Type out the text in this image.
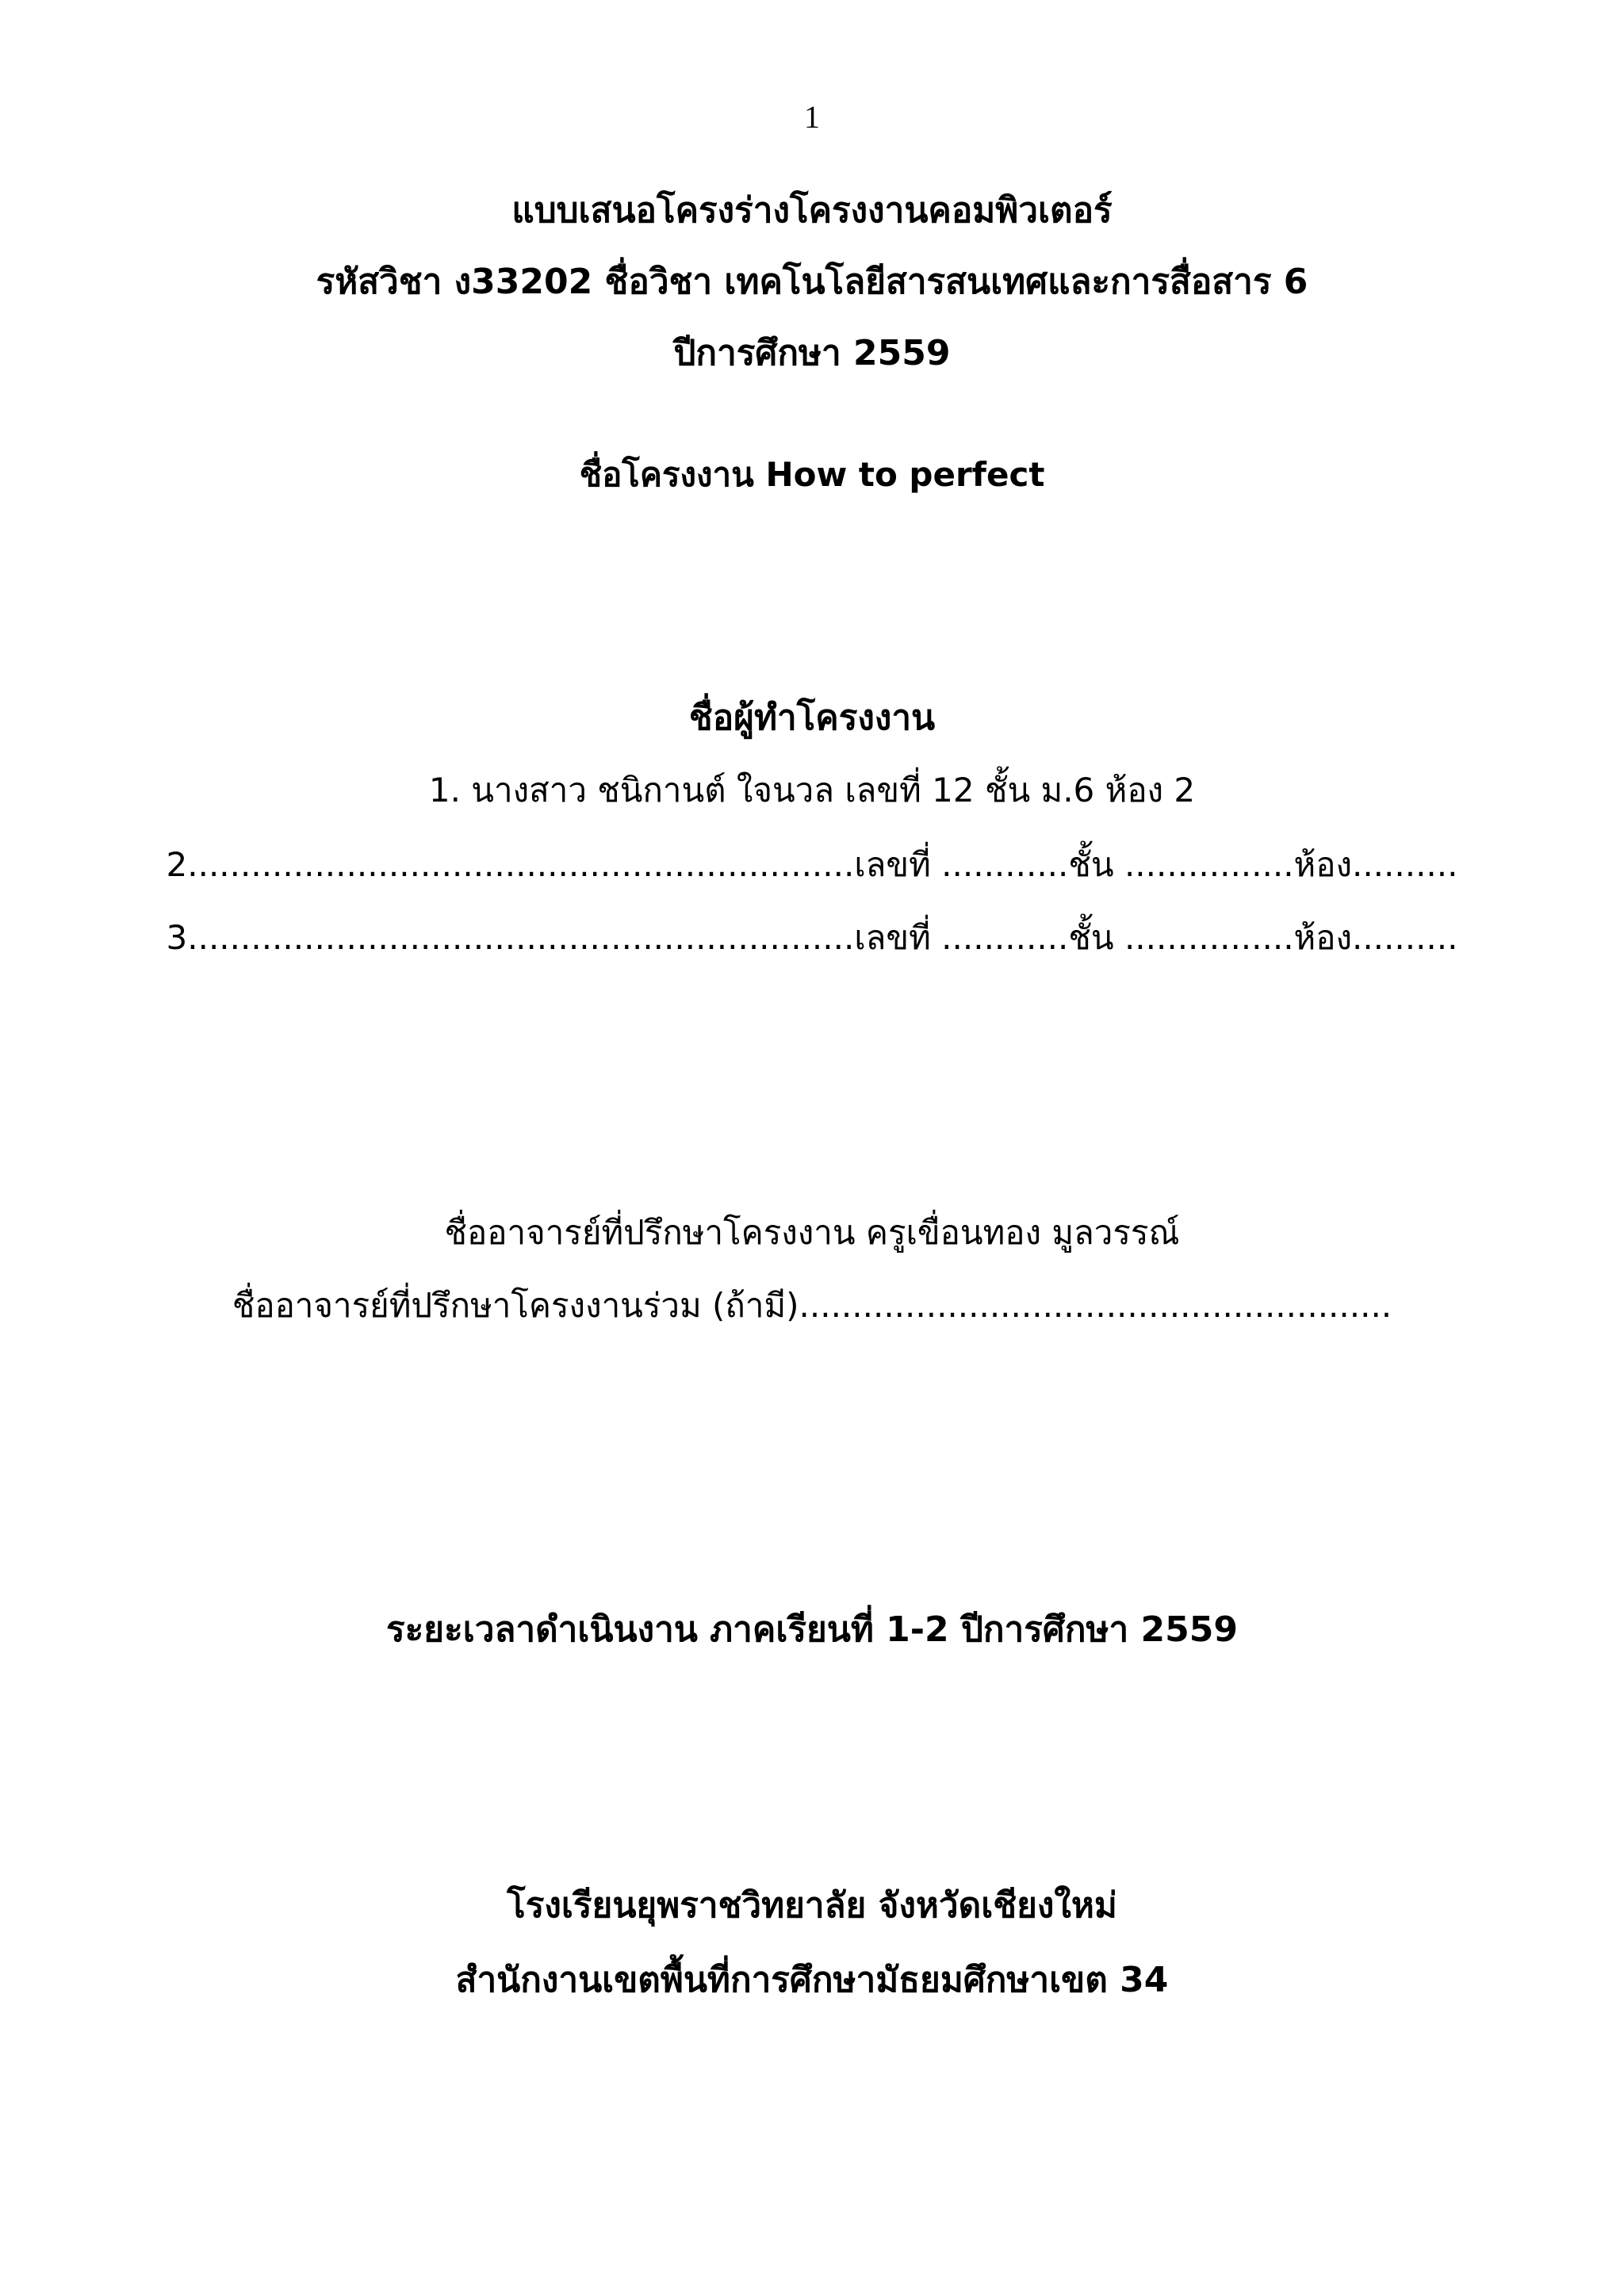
1
แบบเสนอโครงร่างโครงงานคอมพิวเตอร์
รหัสวิชา ง33202 ชื่อวิชา เทคโนโลยีสารสนเทศและการสื่อสาร 6
ปีการศึกษา 2559
ชื่อโครงงาน How to perfect
ชื่อผู้ทำโครงงาน
1. นางสาว ชนิกานต์ ใจนวล เลขที่ 12 ชั้น ม.6 ห้อง 2
2...............................................................เลขที่ ............ชั้น ................ห้อง..........
3...............................................................เลขที่ ............ชั้น ................ห้อง..........
ชื่ออาจารย์ที่ปรึกษาโครงงาน ครูเขื่อนทอง มูลวรรณ์
ชื่ออาจารย์ที่ปรึกษาโครงงานร่วม (ถ้ามี)........................................................
ระยะเวลาดำเนินงาน ภาคเรียนที่ 1-2 ปีการศึกษา 2559
โรงเรียนยุพราชวิทยาลัย จังหวัดเชียงใหม่
สำนักงานเขตพื้นที่การศึกษามัธยมศึกษาเขต 34
